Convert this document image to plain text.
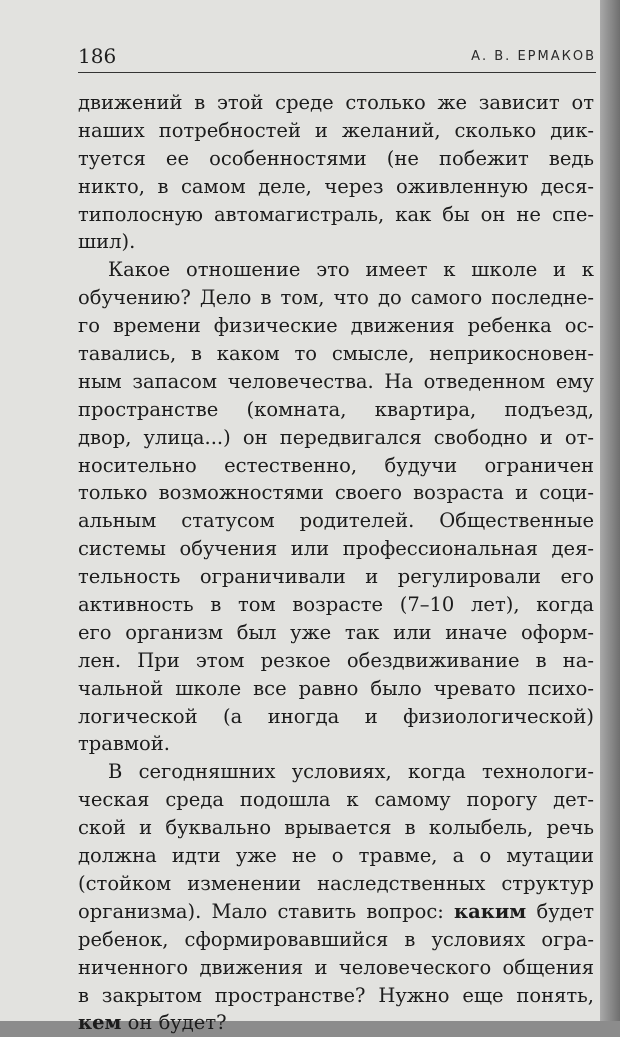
186	А. В. ЕРМАКОВ
движений в этой среде столько же зависит от
наших потребностей и желаний, сколько дик-
туется ее особенностями (не побежит ведь
никто, в самом деле, через оживленную деся-
типолосную автомагистраль, как бы он не спе-
шил).
Какое отношение это имеет к школе и к
обучению? Дело в том, что до самого последне-
го времени физические движения ребенка ос-
тавались, в каком то смысле, неприкосновен-
ным запасом человечества. На отведенном ему
пространстве (комната, квартира, подъезд,
двор, улица...) он передвигался свободно и от-
носительно естественно, будучи ограничен
только возможностями своего возраста и соци-
альным статусом родителей. Общественные
системы обучения или профессиональная дея-
тельность ограничивали и регулировали его
активность в том возрасте (7–10 лет), когда
его организм был уже так или иначе оформ-
лен. При этом резкое обездвиживание в на-
чальной школе все равно было чревато психо-
логической (а иногда и физиологической)
травмой.
В сегодняшних условиях, когда технологи-
ческая среда подошла к самому порогу дет-
ской и буквально врывается в колыбель, речь
должна идти уже не о травме, а о мутации
(стойком изменении наследственных структур
организма). Мало ставить вопрос: каким будет
ребенок, сформировавшийся в условиях огра-
ниченного движения и человеческого общения
в закрытом пространстве? Нужно еще понять,
кем он будет?
